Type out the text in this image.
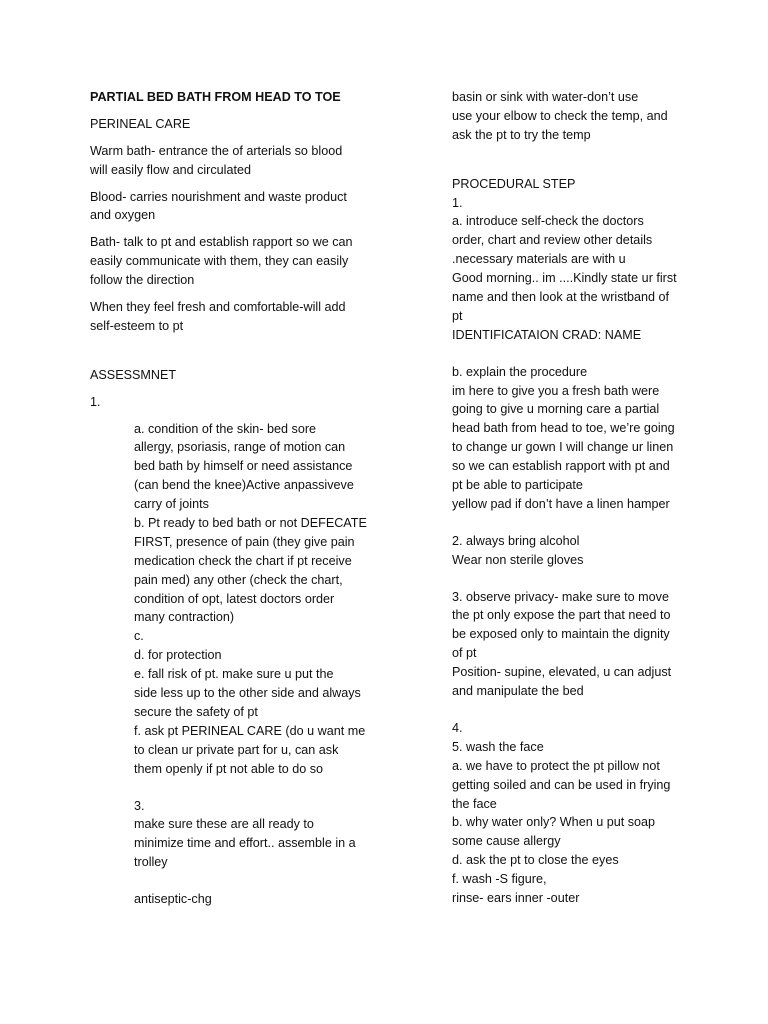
PARTIAL BED BATH FROM HEAD TO TOE
PERINEAL CARE
Warm bath- entrance the of arterials so blood
will easily flow and circulated
Blood- carries nourishment and waste product
and oxygen
Bath- talk to pt and establish rapport so we can
easily communicate with them, they can easily
follow the direction
When they feel fresh and comfortable-will add
self-esteem to pt
ASSESSMNET
1.
a. condition of the skin- bed sore
allergy, psoriasis, range of motion can
bed bath by himself or need assistance
(can bend the knee)Active anpassiveve
carry of joints
b. Pt ready to bed bath or not DEFECATE
FIRST, presence of pain (they give pain
medication check the chart if pt receive
pain med) any other (check the chart,
condition of opt, latest doctors order
many contraction)
c.
d. for protection
e. fall risk of pt. make sure u put the
side less up to the other side and always
secure the safety of pt
f. ask pt PERINEAL CARE (do u want me
to clean ur private part for u, can ask
them openly if pt not able to do so
3.
make sure these are all ready to
minimize time and effort.. assemble in a
trolley
antiseptic-chg
basin or sink with water-don’t use
use your elbow to check the temp, and
ask the pt to try the temp
PROCEDURAL STEP
1.
a. introduce self-check the doctors
order, chart and review other details
.necessary materials are with u
Good morning.. im ....Kindly state ur first
name and then look at the wristband of
pt
IDENTIFICATAION CRAD: NAME
b. explain the procedure
im here to give you a fresh bath were
going to give u morning care a partial
head bath from head to toe, we’re going
to change ur gown I will change ur linen
so we can establish rapport with pt and
pt be able to participate
yellow pad if don’t have a linen hamper
2. always bring alcohol
Wear non sterile gloves
3. observe privacy- make sure to move
the pt only expose the part that need to
be exposed only to maintain the dignity
of pt
Position- supine, elevated, u can adjust
and manipulate the bed
4.
5. wash the face
a. we have to protect the pt pillow not
getting soiled and can be used in frying
the face
b. why water only? When u put soap
some cause allergy
d. ask the pt to close the eyes
f. wash -S figure,
rinse- ears inner -outer
